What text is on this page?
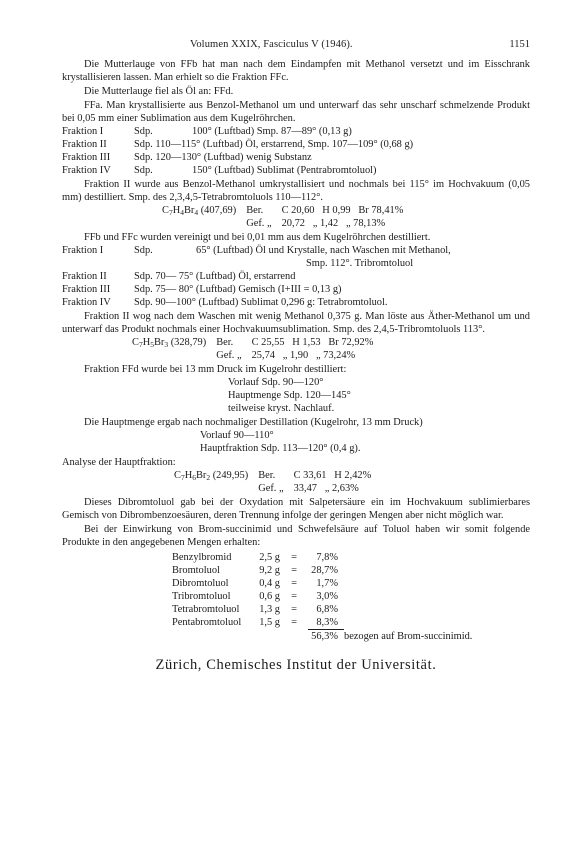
Volumen XXIX, Fasciculus V (1946).	1151

Die Mutterlauge von FFb hat man nach dem Eindampfen mit Methanol versetzt und im Eisschrank krystallisieren lassen. Man erhielt so die Fraktion FFc.

Die Mutterlauge fiel als Öl an: FFd.

FFa. Man krystallisierte aus Benzol-Methanol um und unterwarf das sehr unscharf schmelzende Produkt bei 0,05 mm einer Sublimation aus dem Kugelröhrchen.

Fraktion I	Sdp.	100° (Luftbad) Smp. 87—89° (0,13 g)
Fraktion II	Sdp. 110—115° (Luftbad) Öl, erstarrend, Smp. 107—109° (0,68 g)	
Fraktion III	Sdp. 120—130° (Luftbad) wenig Substanz	
Fraktion IV	Sdp.	150° (Luftbad) Sublimat (Pentrabromtoluol)

Fraktion II wurde aus Benzol-Methanol umkrystallisiert und nochmals bei 115° im Hochvakuum (0,05 mm) destilliert. Smp. des 2,3,4,5-Tetrabromtoluols 110—112°.

$C_7H_4Br_4$ (407,69)	Ber.	C 20,60   H 0,99   Br 78,41%
	Gef. „	20,72   „ 1,42   „ 78,13%

FFb und FFc wurden vereinigt und bei 0,01 mm aus dem Kugelröhrchen destilliert.

Fraktion I	Sdp.	65° (Luftbad) Öl und Krystalle, nach Waschen mit Methanol,
		Smp. 112°. Tribromtoluol
Fraktion II	Sdp. 70— 75° (Luftbad) Öl, erstarrend	
Fraktion III	Sdp. 75— 80° (Luftbad) Gemisch (I+III = 0,13 g)	
Fraktion IV	Sdp. 90—100° (Luftbad) Sublimat 0,296 g: Tetrabromtoluol.	

Fraktion II wog nach dem Waschen mit wenig Methanol 0,375 g. Man löste aus Äther-Methanol um und unterwarf das Produkt nochmals einer Hochvakuumsublimation. Smp. des 2,4,5-Tribromtoluols 113°.

$C_7H_5Br_3$ (328,79)	Ber.	C 25,55   H 1,53   Br 72,92%
	Gef. „	25,74   „ 1,90   „ 73,24%

Fraktion FFd wurde bei 13 mm Druck im Kugelrohr destilliert:

Vorlauf Sdp. 90—120°
Hauptmenge Sdp. 120—145°
teilweise kryst. Nachlauf.

Die Hauptmenge ergab nach nochmaliger Destillation (Kugelrohr, 13 mm Druck)

Vorlauf 90—110°
Hauptfraktion Sdp. 113—120° (0,4 g).

Analyse der Hauptfraktion:

$C_7H_6Br_2$ (249,95)	Ber.	C 33,61   H 2,42%
	Gef. „	33,47   „ 2,63%

Dieses Dibromtoluol gab bei der Oxydation mit Salpetersäure ein im Hochvakuum sublimierbares Gemisch von Dibrombenzoesäuren, deren Trennung infolge der geringen Mengen aber nicht möglich war.

Bei der Einwirkung von Brom-succinimid und Schwefelsäure auf Toluol haben wir somit folgende Produkte in den angegebenen Mengen erhalten:

Benzylbromid	2,5 g	=	7,8%	
Bromtoluol	9,2 g	=	28,7%	
Dibromtoluol	0,4 g	=	1,7%	
Tribromtoluol	0,6 g	=	3,0%	
Tetrabromtoluol	1,3 g	=	6,8%	
Pentabromtoluol	1,5 g	=	8,3%	
			56,3%	bezogen auf Brom-succinimid.
Zürich, Chemisches Institut der Universität.
